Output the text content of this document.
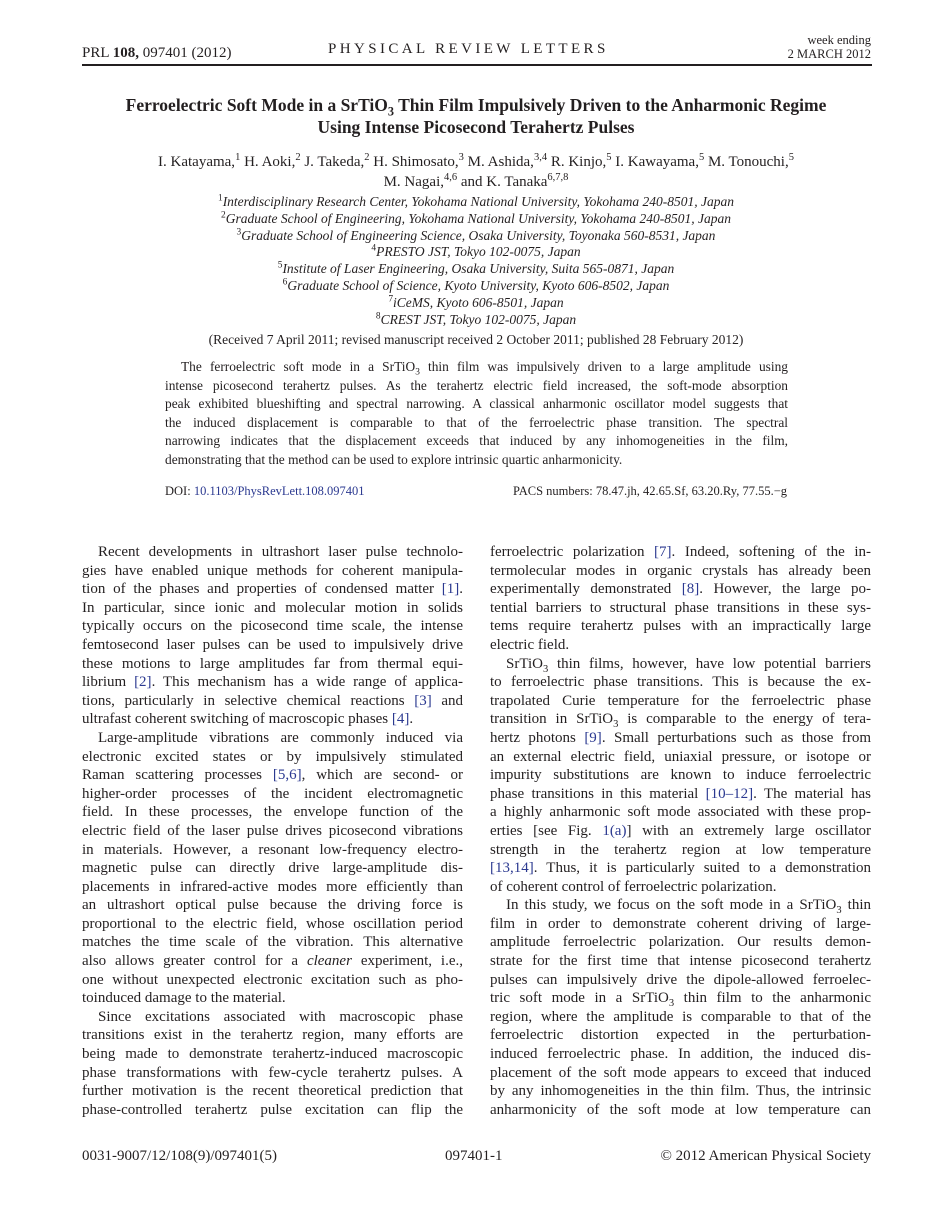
PRL 108, 097401 (2012)	PHYSICAL REVIEW LETTERS
week ending
2 MARCH 2012
Ferroelectric Soft Mode in a SrTiO$_3$ Thin Film Impulsively Driven to the Anharmonic Regime
Using Intense Picosecond Terahertz Pulses
I. Katayama,$^1$ H. Aoki,$^2$ J. Takeda,$^2$ H. Shimosato,$^3$ M. Ashida,$^{3,4}$ R. Kinjo,$^5$ I. Kawayama,$^5$ M. Tonouchi,$^5$
M. Nagai,$^{4,6}$ and K. Tanaka$^{6,7,8}$
$^1$Interdisciplinary Research Center, Yokohama National University, Yokohama 240-8501, Japan
$^2$Graduate School of Engineering, Yokohama National University, Yokohama 240-8501, Japan
$^3$Graduate School of Engineering Science, Osaka University, Toyonaka 560-8531, Japan
$^4$PRESTO JST, Tokyo 102-0075, Japan
$^5$Institute of Laser Engineering, Osaka University, Suita 565-0871, Japan
$^6$Graduate School of Science, Kyoto University, Kyoto 606-8502, Japan
$^7$iCeMS, Kyoto 606-8501, Japan
$^8$CREST JST, Tokyo 102-0075, Japan
(Received 7 April 2011; revised manuscript received 2 October 2011; published 28 February 2012)
The ferroelectric soft mode in a SrTiO$_3$ thin film was impulsively driven to a large amplitude using
intense picosecond terahertz pulses. As the terahertz electric field increased, the soft-mode absorption
peak exhibited blueshifting and spectral narrowing. A classical anharmonic oscillator model suggests that
the induced displacement is comparable to that of the ferroelectric phase transition. The spectral
narrowing indicates that the displacement exceeds that induced by any inhomogeneities in the film,
demonstrating that the method can be used to explore intrinsic quartic anharmonicity.
DOI: 10.1103/PhysRevLett.108.097401	PACS numbers: 78.47.jh, 42.65.Sf, 63.20.Ry, 77.55.−g
Recent developments in ultrashort laser pulse technolo-
gies have enabled unique methods for coherent manipula-
tion of the phases and properties of condensed matter [1].
In particular, since ionic and molecular motion in solids
typically occurs on the picosecond time scale, the intense
femtosecond laser pulses can be used to impulsively drive
these motions to large amplitudes far from thermal equi-
librium [2]. This mechanism has a wide range of applica-
tions, particularly in selective chemical reactions [3] and
ultrafast coherent switching of macroscopic phases [4].
Large-amplitude vibrations are commonly induced via
electronic excited states or by impulsively stimulated
Raman scattering processes [5,6], which are second- or
higher-order processes of the incident electromagnetic
field. In these processes, the envelope function of the
electric field of the laser pulse drives picosecond vibrations
in materials. However, a resonant low-frequency electro-
magnetic pulse can directly drive large-amplitude dis-
placements in infrared-active modes more efficiently than
an ultrashort optical pulse because the driving force is
proportional to the electric field, whose oscillation period
matches the time scale of the vibration. This alternative
also allows greater control for a cleaner experiment, i.e.,
one without unexpected electronic excitation such as pho-
toinduced damage to the material.
Since excitations associated with macroscopic phase
transitions exist in the terahertz region, many efforts are
being made to demonstrate terahertz-induced macroscopic
phase transformations with few-cycle terahertz pulses. A
further motivation is the recent theoretical prediction that
phase-controlled terahertz pulse excitation can flip the
ferroelectric polarization [7]. Indeed, softening of the in-
termolecular modes in organic crystals has already been
experimentally demonstrated [8]. However, the large po-
tential barriers to structural phase transitions in these sys-
tems require terahertz pulses with an impractically large
electric field.
SrTiO$_3$ thin films, however, have low potential barriers
to ferroelectric phase transitions. This is because the ex-
trapolated Curie temperature for the ferroelectric phase
transition in SrTiO$_3$ is comparable to the energy of tera-
hertz photons [9]. Small perturbations such as those from
an external electric field, uniaxial pressure, or isotope or
impurity substitutions are known to induce ferroelectric
phase transitions in this material [10–12]. The material has
a highly anharmonic soft mode associated with these prop-
erties [see Fig. 1(a)] with an extremely large oscillator
strength in the terahertz region at low temperature
[13,14]. Thus, it is particularly suited to a demonstration
of coherent control of ferroelectric polarization.
In this study, we focus on the soft mode in a SrTiO$_3$ thin
film in order to demonstrate coherent driving of large-
amplitude ferroelectric polarization. Our results demon-
strate for the first time that intense picosecond terahertz
pulses can impulsively drive the dipole-allowed ferroelec-
tric soft mode in a SrTiO$_3$ thin film to the anharmonic
region, where the amplitude is comparable to that of the
ferroelectric distortion expected in the perturbation-
induced ferroelectric phase. In addition, the induced dis-
placement of the soft mode appears to exceed that induced
by any inhomogeneities in the thin film. Thus, the intrinsic
anharmonicity of the soft mode at low temperature can
0031-9007/12/108(9)/097401(5)	097401-1	© 2012 American Physical Society
